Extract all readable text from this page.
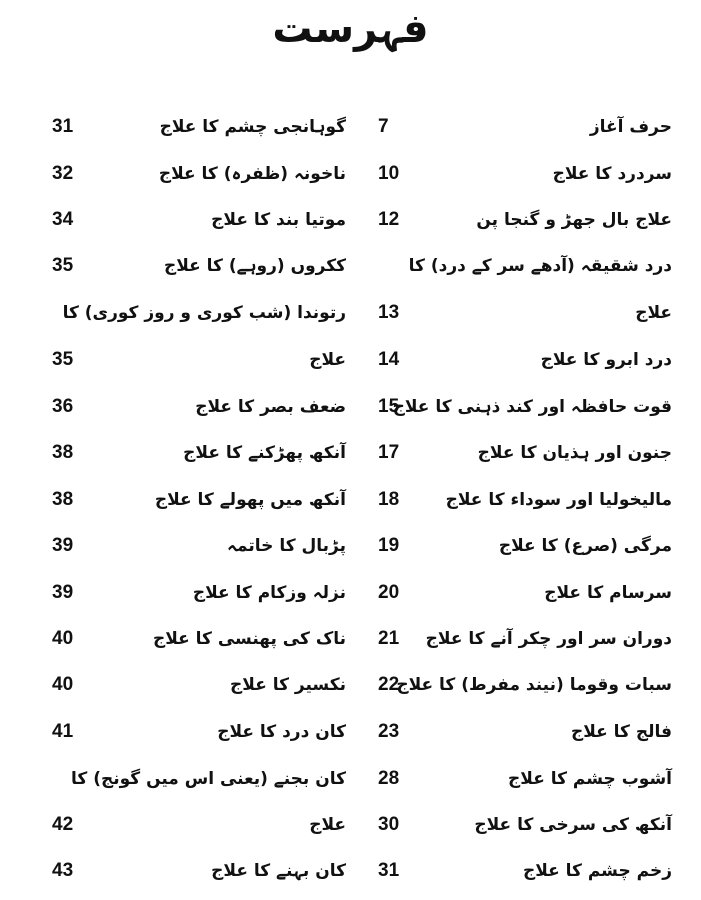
فہرست
حرف آغاز
7
سردرد کا علاج
10
علاج بال جھڑ و گنجا پن
12
درد شقیقہ (آدھے سر کے درد) کا
علاج
13
درد ابرو کا علاج
14
قوت حافظہ اور کند ذہنی کا علاج
15
جنون اور ہذیان کا علاج
17
مالیخولیا اور سوداء کا علاج
18
مرگی (صرع) کا علاج
19
سرسام کا علاج
20
دوران سر اور چکر آنے کا علاج
21
سبات وقوما (نیند مفرط) کا علاج
22
فالج کا علاج
23
آشوب چشم کا علاج
28
آنکھ کی سرخی کا علاج
30
زخم چشم کا علاج
31
گوہانجی چشم کا علاج
31
ناخونہ (ظفرہ) کا علاج
32
موتیا بند کا علاج
34
ککروں (روہے) کا علاج
35
رتوندا (شب کوری و روز کوری) کا
علاج
35
ضعف بصر کا علاج
36
آنکھ پھڑکنے کا علاج
38
آنکھ میں پھولے کا علاج
38
پڑبال کا خاتمہ
39
نزلہ وزکام کا علاج
39
ناک کی پھنسی کا علاج
40
نکسیر کا علاج
40
کان درد کا علاج
41
کان بجنے (یعنی اس میں گونج) کا
علاج
42
کان بہنے کا علاج
43
